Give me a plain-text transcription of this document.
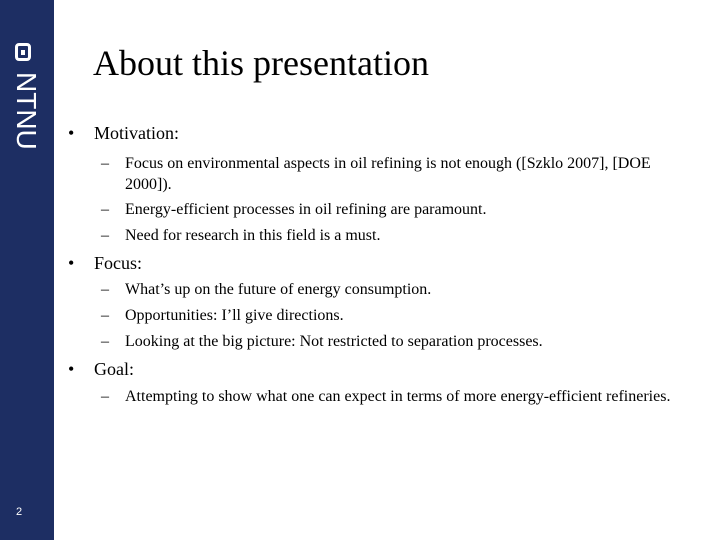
NTNU
2
About this presentation
• Motivation:
– Focus on environmental aspects in oil refining is not enough ([Szklo 2007], [DOE 2000]).
– Energy-efficient processes in oil refining are paramount.
– Need for research in this field is a must.
• Focus:
– What’s up on the future of energy consumption.
– Opportunities: I’ll give directions.
– Looking at the big picture: Not restricted to separation processes.
• Goal:
– Attempting to show what one can expect in terms of more energy-efficient refineries.
